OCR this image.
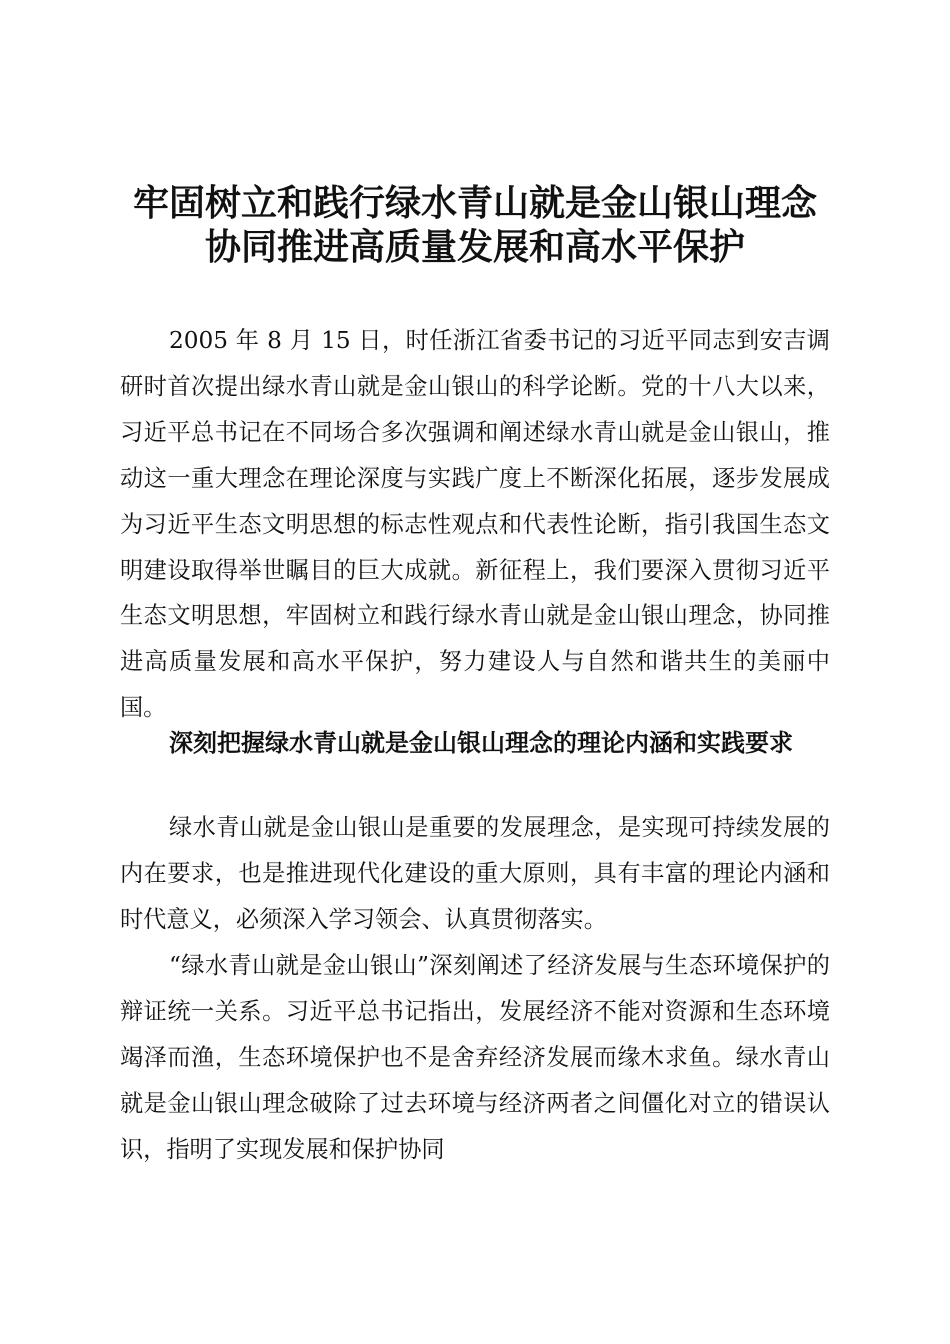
牢固树立和践行绿水青山就是金山银山理念
协同推进高质量发展和高水平保护

2005 年 8 月 15 日，时任浙江省委书记的习近平同志到安吉调研时首次提出绿水青山就是金山银山的科学论断。党的十八大以来，习近平总书记在不同场合多次强调和阐述绿水青山就是金山银山，推动这一重大理念在理论深度与实践广度上不断深化拓展，逐步发展成为习近平生态文明思想的标志性观点和代表性论断，指引我国生态文明建设取得举世瞩目的巨大成就。新征程上，我们要深入贯彻习近平生态文明思想，牢固树立和践行绿水青山就是金山银山理念，协同推进高质量发展和高水平保护，努力建设人与自然和谐共生的美丽中国。

深刻把握绿水青山就是金山银山理念的理论内涵和实践要求

绿水青山就是金山银山是重要的发展理念，是实现可持续发展的内在要求，也是推进现代化建设的重大原则，具有丰富的理论内涵和时代意义，必须深入学习领会、认真贯彻落实。

“绿水青山就是金山银山”深刻阐述了经济发展与生态环境保护的辩证统一关系。习近平总书记指出，发展经济不能对资源和生态环境竭泽而渔，生态环境保护也不是舍弃经济发展而缘木求鱼。绿水青山就是金山银山理念破除了过去环境与经济两者之间僵化对立的错误认识，指明了实现发展和保护协同
